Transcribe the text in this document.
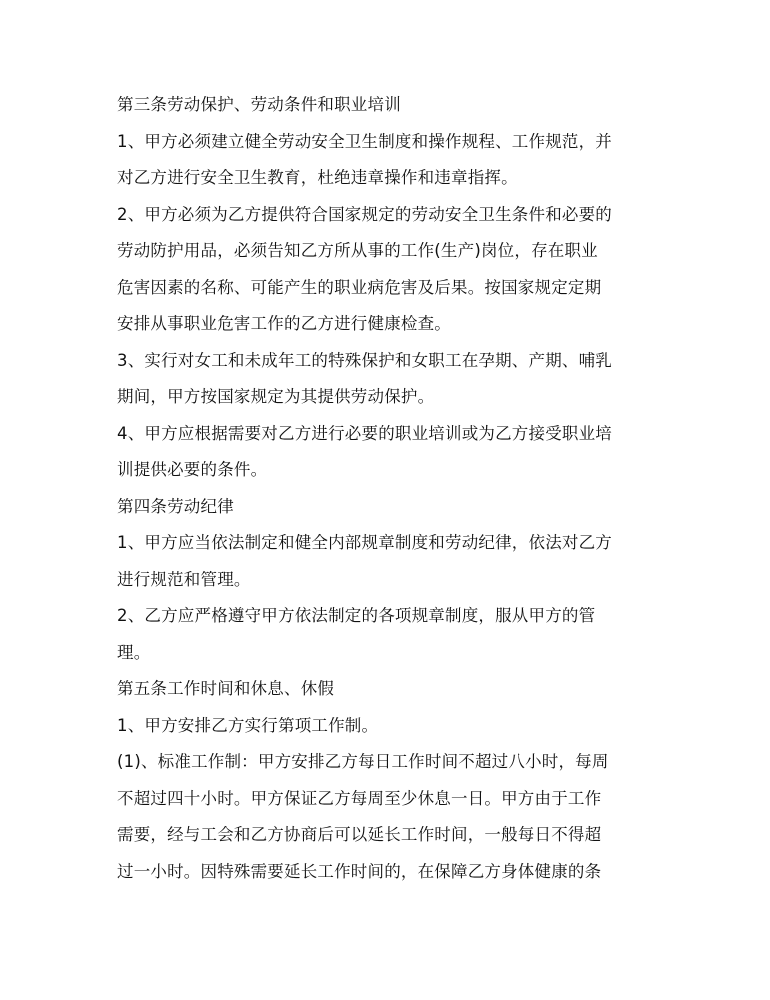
第三条劳动保护、劳动条件和职业培训
1、甲方必须建立健全劳动安全卫生制度和操作规程、工作规范，并
对乙方进行安全卫生教育，杜绝违章操作和违章指挥。
2、甲方必须为乙方提供符合国家规定的劳动安全卫生条件和必要的
劳动防护用品，必须告知乙方所从事的工作(生产)岗位，存在职业
危害因素的名称、可能产生的职业病危害及后果。按国家规定定期
安排从事职业危害工作的乙方进行健康检查。
3、实行对女工和未成年工的特殊保护和女职工在孕期、产期、哺乳
期间，甲方按国家规定为其提供劳动保护。
4、甲方应根据需要对乙方进行必要的职业培训或为乙方接受职业培
训提供必要的条件。
第四条劳动纪律
1、甲方应当依法制定和健全内部规章制度和劳动纪律，依法对乙方
进行规范和管理。
2、乙方应严格遵守甲方依法制定的各项规章制度，服从甲方的管
理。
第五条工作时间和休息、休假
1、甲方安排乙方实行第项工作制。
(1)、标准工作制：甲方安排乙方每日工作时间不超过八小时，每周
不超过四十小时。甲方保证乙方每周至少休息一日。甲方由于工作
需要，经与工会和乙方协商后可以延长工作时间，一般每日不得超
过一小时。因特殊需要延长工作时间的，在保障乙方身体健康的条
